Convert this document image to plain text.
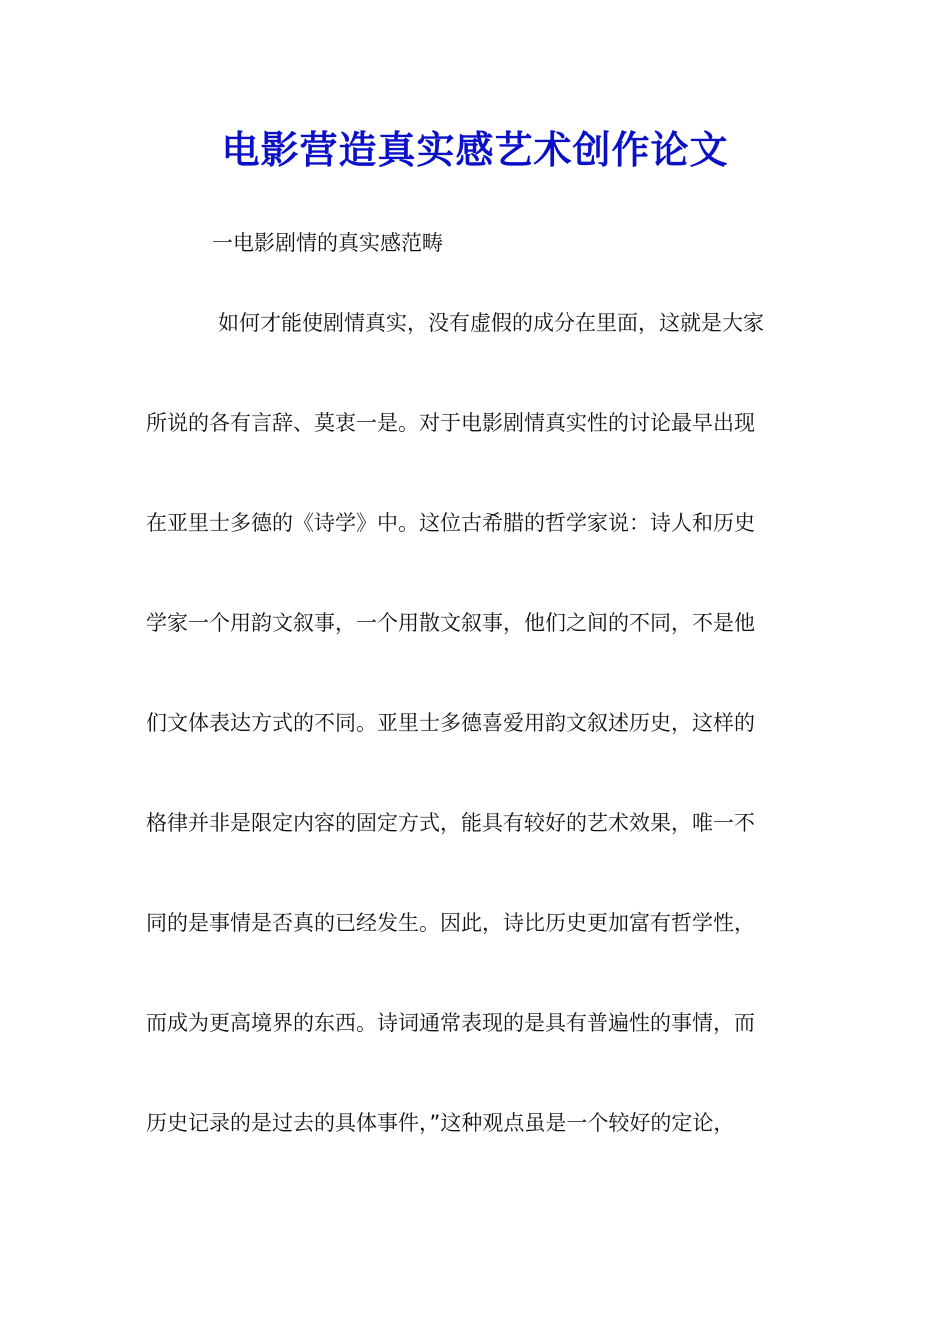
电影营造真实感艺术创作论文

一电影剧情的真实感范畴

如何才能使剧情真实，没有虚假的成分在里面，这就是大家

所说的各有言辞、莫衷一是。对于电影剧情真实性的讨论最早出现

在亚里士多德的《诗学》中。这位古希腊的哲学家说：诗人和历史

学家一个用韵文叙事，一个用散文叙事，他们之间的不同，不是他

们文体表达方式的不同。亚里士多德喜爱用韵文叙述历史，这样的

格律并非是限定内容的固定方式，能具有较好的艺术效果，唯一不

同的是事情是否真的已经发生。因此，诗比历史更加富有哲学性，

而成为更高境界的东西。诗词通常表现的是具有普遍性的事情，而

历史记录的是过去的具体事件，”这种观点虽是一个较好的定论，
